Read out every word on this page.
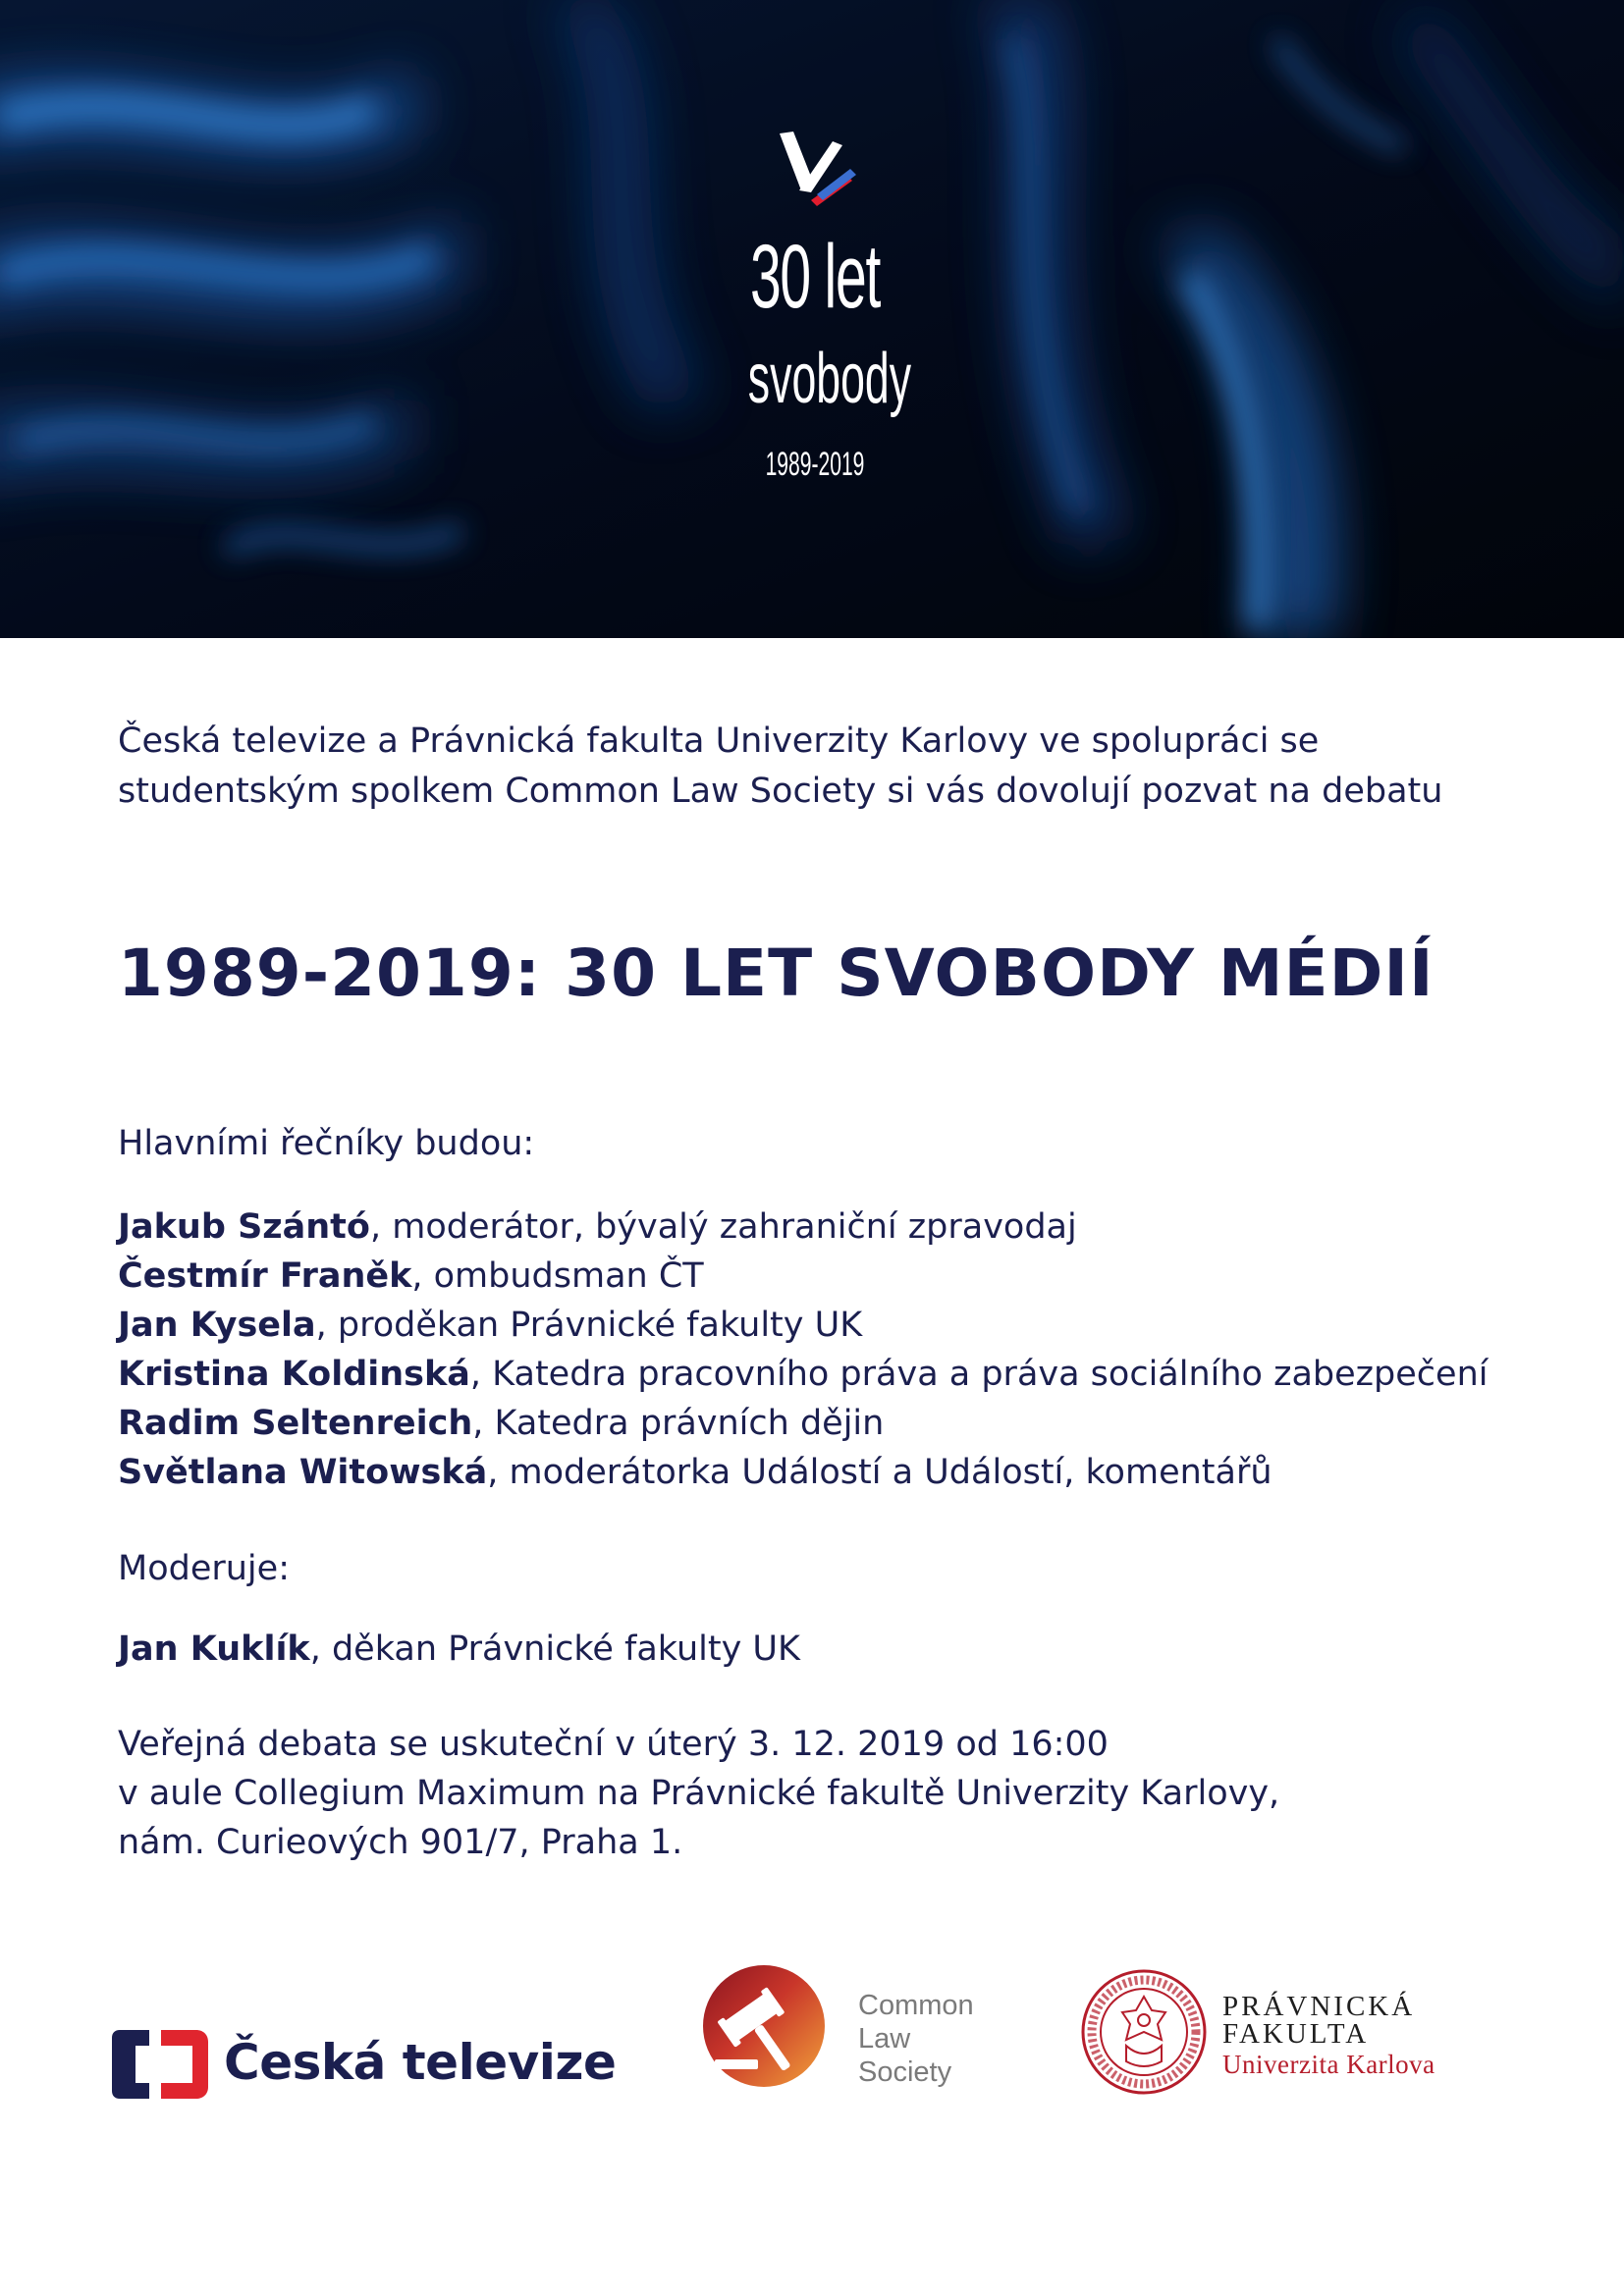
30 let
svobody
1989-2019
Česká televize a Právnická fakulta Univerzity Karlovy ve spolupráci se
studentským spolkem Common Law Society si vás dovolují pozvat na debatu
1989-2019: 30 LET SVOBODY MÉDIÍ
Hlavními řečníky budou:
Jakub Szántó, moderátor, bývalý zahraniční zpravodaj
Čestmír Franěk, ombudsman ČT
Jan Kysela, proděkan Právnické fakulty UK
Kristina Koldinská, Katedra pracovního práva a práva sociálního zabezpečení
Radim Seltenreich, Katedra právních dějin
Světlana Witowská, moderátorka Událostí a Událostí, komentářů
Moderuje:
Jan Kuklík, děkan Právnické fakulty UK
Veřejná debata se uskuteční v úterý 3. 12. 2019 od 16:00
v aule Collegium Maximum na Právnické fakultě Univerzity Karlovy,
nám. Curieových 901/7, Praha 1.
Česká televize
Common
Law
Society
PRÁVNICKÁ
FAKULTA
Univerzita Karlova
